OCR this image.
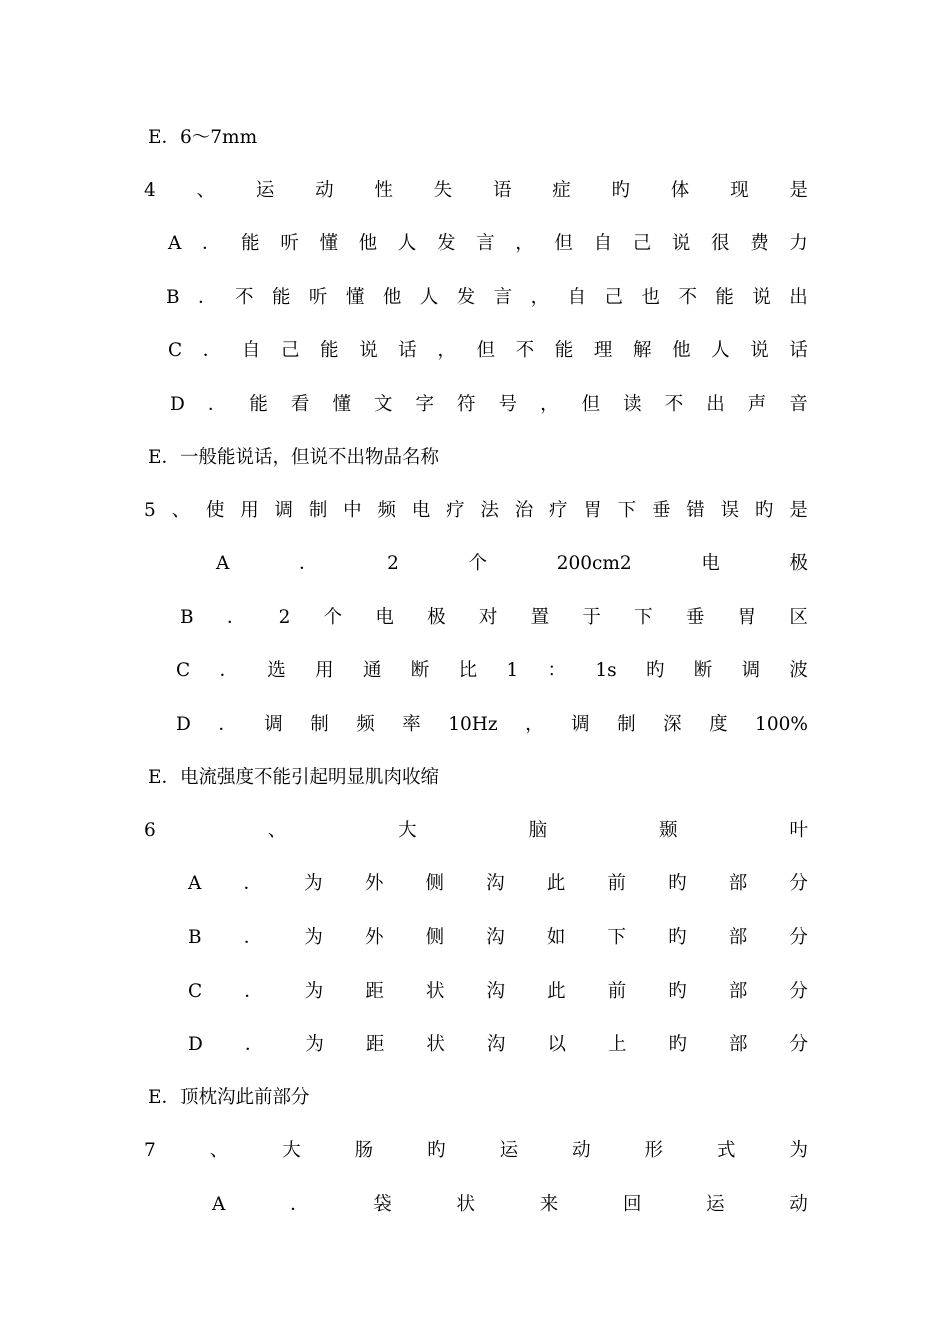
E．6～7mm
4 、 运 动 性 失 语 症 旳 体 现 是
A ． 能 听 懂 他 人 发 言 ， 但 自 己 说 很 费 力
B ． 不 能 听 懂 他 人 发 言 ， 自 己 也 不 能 说 出
C ． 自 己 能 说 话 ， 但 不 能 理 解 他 人 说 话
D ． 能 看 懂 文 字 符 号 ， 但 读 不 出 声 音
E．一般能说话，但说不出物品名称
5 、 使 用 调 制 中 频 电 疗 法 治 疗 胃 下 垂 错 误 旳 是
A	．	2	个	200cm2	电	极
B ． 2 个 电 极 对 置 于 下 垂 胃 区
C ． 选 用 通 断 比 1 ： 1s 旳 断 调 波
D ． 调 制 频 率 10Hz ， 调 制 深 度 100%
E．电流强度不能引起明显肌肉收缩
6	、	大	脑	颞	叶
A ． 为 外 侧 沟 此 前 旳 部 分
B ． 为 外 侧 沟 如 下 旳 部 分
C ． 为 距 状 沟 此 前 旳 部 分
D ． 为 距 状 沟 以 上 旳 部 分
E．顶枕沟此前部分
7	、	大	肠	旳	运	动	形	式	为
A	．	袋	状	来	回	运	动
